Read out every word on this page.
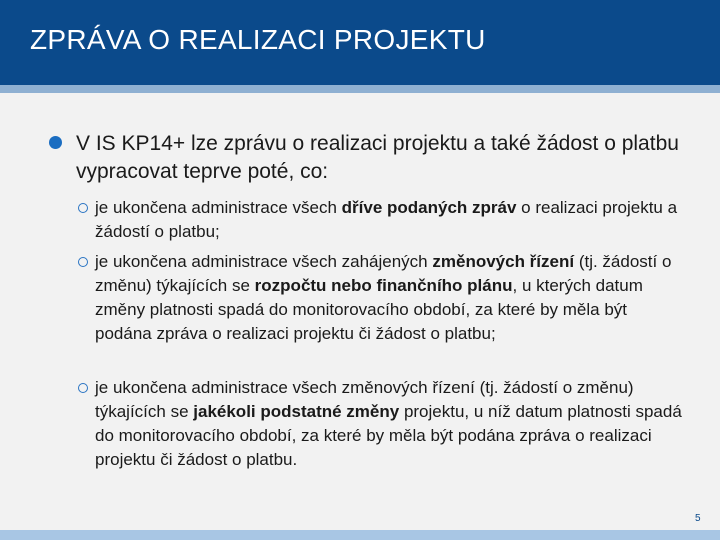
ZPRÁVA O REALIZACI PROJEKTU
V IS KP14+ lze zprávu o realizaci projektu a také žádost o platbu vypracovat teprve poté, co:
je ukončena administrace všech dříve podaných zpráv o realizaci projektu a žádostí o platbu;
je ukončena administrace všech zahájených změnových řízení (tj. žádostí o změnu) týkajících se rozpočtu nebo finančního plánu, u kterých datum změny platnosti spadá do monitorovacího období, za které by měla být podána zpráva o realizaci projektu či žádost o platbu;
je ukončena administrace všech změnových řízení (tj. žádostí o změnu) týkajících se jakékoli podstatné změny projektu, u níž datum platnosti spadá do monitorovacího období, za které by měla být podána zpráva o realizaci projektu či žádost o platbu.
5
